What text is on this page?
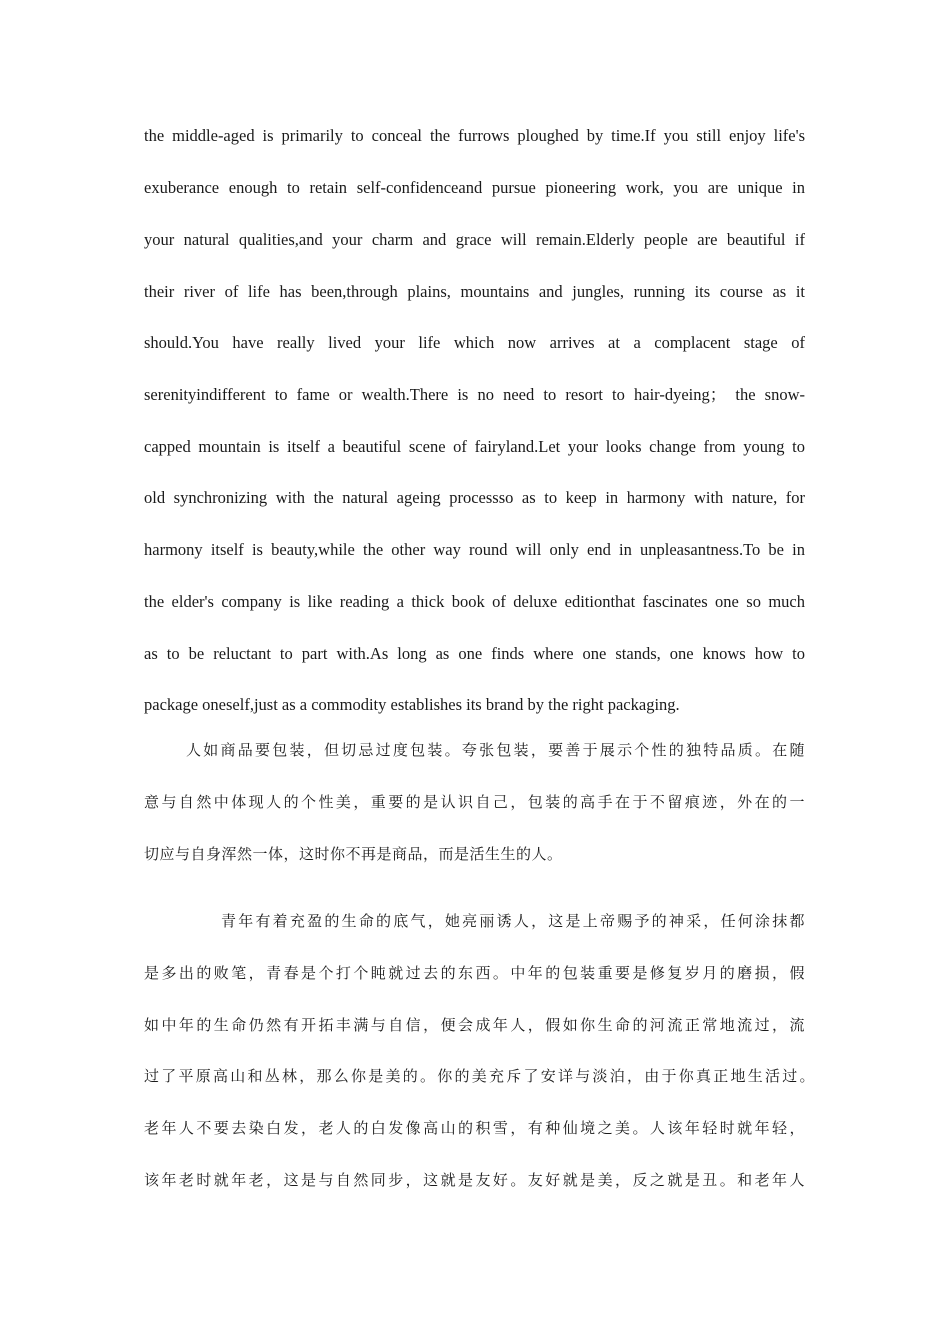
the middle-aged is primarily to conceal the furrows ploughed by time.If you still enjoy life's
exuberance enough to retain self-confidenceand pursue pioneering work, you are unique in
your natural qualities,and your charm and grace will remain.Elderly people are beautiful if
their river of life has been,through plains, mountains and jungles, running its course as it
should.You have really lived your life which now arrives at a complacent stage of
serenityindifferent to fame or wealth.There is no need to resort to hair-dyeing； the snow-
capped mountain is itself a beautiful scene of fairyland.Let your looks change from young to
old synchronizing with the natural ageing processso as to keep in harmony with nature, for
harmony itself is beauty,while the other way round will only end in unpleasantness.To be in
the elder's company is like reading a thick book of deluxe editionthat fascinates one so much
as to be reluctant to part with.As long as one finds where one stands, one knows how to
package oneself,just as a commodity establishes its brand by the right packaging.
人如商品要包装，但切忌过度包装。夸张包装，要善于展示个性的独特品质。在随
意与自然中体现人的个性美，重要的是认识自己，包装的高手在于不留痕迹，外在的一
切应与自身浑然一体，这时你不再是商品，而是活生生的人。
青年有着充盈的生命的底气，她亮丽诱人，这是上帝赐予的神采，任何涂抹都
是多出的败笔，青春是个打个盹就过去的东西。中年的包装重要是修复岁月的磨损，假
如中年的生命仍然有开拓丰满与自信，便会成年人，假如你生命的河流正常地流过，流
过了平原高山和丛林，那么你是美的。你的美充斥了安详与淡泊，由于你真正地生活过。
老年人不要去染白发，老人的白发像高山的积雪，有种仙境之美。人该年轻时就年轻，
该年老时就年老，这是与自然同步，这就是友好。友好就是美，反之就是丑。和老年人
